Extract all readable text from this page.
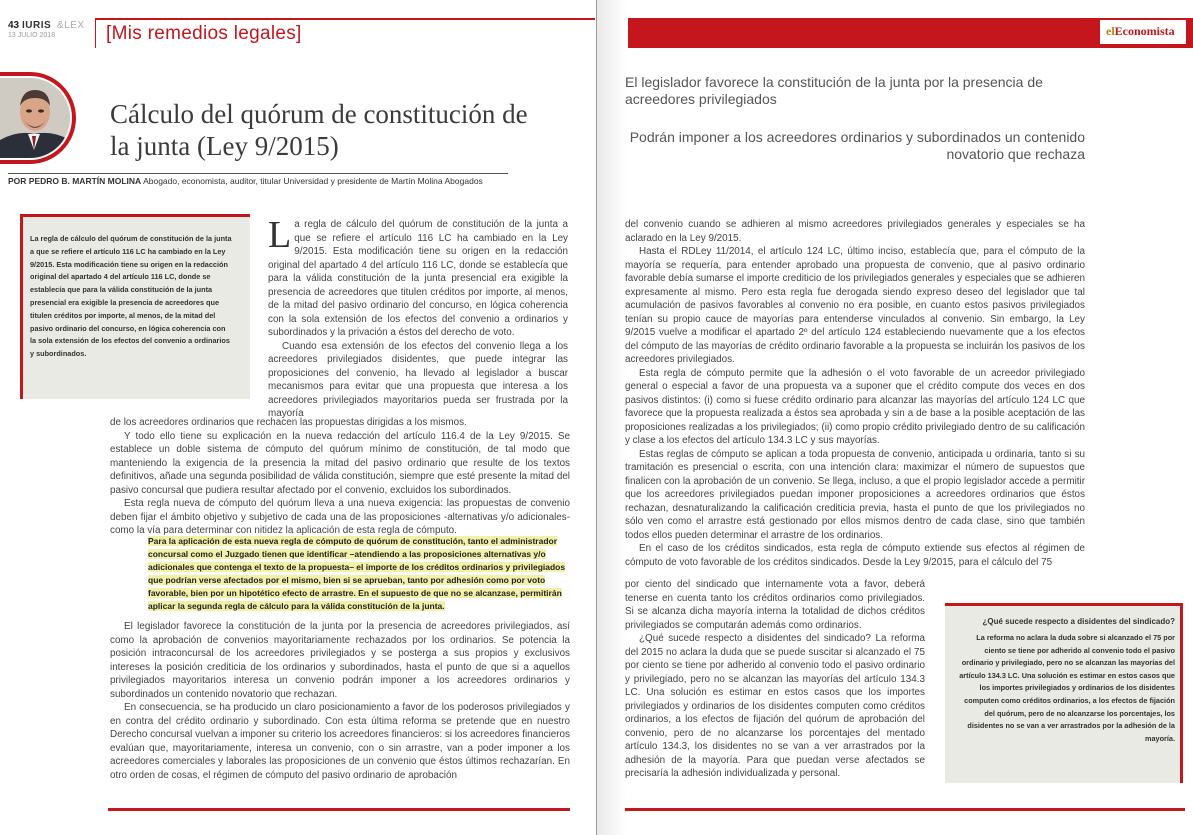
43 IURIS &LEX
13 JULIO 2018	[Mis remedios legales]	elEconomista
Cálculo del quórum de constitución de la junta (Ley 9/2015)
POR PEDRO B. MARTÍN MOLINA Abogado, economista, auditor, titular Universidad y presidente de Martín Molina Abogados
El legislador favorece la constitución de la junta por la presencia de acreedores privilegiados
Podrán imponer a los acreedores ordinarios y subordinados un contenido novatorio que rechaza
La regla de cálculo del quórum de constitución de la junta a que se refiere el artículo 116 LC ha cambiado en la Ley 9/2015. Esta modificación tiene su origen en la redacción original del apartado 4 del artículo 116 LC, donde se establecía que para la válida constitución de la junta presencial era exigible la presencia de acreedores que titulen créditos por importe, al menos, de la mitad del pasivo ordinario del concurso, en lógica coherencia con la sola extensión de los efectos del convenio a ordinarios y subordinados.

La regla de cálculo del quórum de constitución de la junta a que se refiere el artículo 116 LC ha cambiado en la Ley 9/2015. Esta modificación tiene su origen en la redacción original del apartado 4 del artículo 116 LC, donde se establecía que para la válida constitución de la junta presencial era exigible la presencia de acreedores que titulen créditos por importe, al menos, de la mitad del pasivo ordinario del concurso, en lógica coherencia con la sola extensión de los efectos del convenio a ordinarios y subordinados y la privación a éstos del derecho de voto.

Cuando esa extensión de los efectos del convenio llega a los acreedores privilegiados disidentes, que puede integrar las proposiciones del convenio, ha llevado al legislador a buscar mecanismos para evitar que una propuesta que interesa a los acreedores privilegiados mayoritarios pueda ser frustrada por la mayoría

de los acreedores ordinarios que rechacen las propuestas dirigidas a los mismos.

Y todo ello tiene su explicación en la nueva redacción del artículo 116.4 de la Ley 9/2015. Se establece un doble sistema de cómputo del quórum mínimo de constitución, de tal modo que manteniendo la exigencia de la presencia la mitad del pasivo ordinario que resulte de los textos definitivos, añade una segunda posibilidad de válida constitución, siempre que esté presente la mitad del pasivo concursal que pudiera resultar afectado por el convenio, excluidos los subordinados.

Esta regla nueva de cómputo del quórum lleva a una nueva exigencia: las propuestas de convenio deben fijar el ámbito objetivo y subjetivo de cada una de las proposiciones -alternativas y/o adicionales- como la vía para determinar con nitidez la aplicación de esta regla de cómputo.

Para la aplicación de esta nueva regla de cómputo de quórum de constitución, tanto el administrador concursal como el Juzgado tienen que identificar –atendiendo a las proposiciones alternativas y/o adicionales que contenga el texto de la propuesta– el importe de los créditos ordinarios y privilegiados que podrían verse afectados por el mismo, bien si se aprueban, tanto por adhesión como por voto favorable, bien por un hipotético efecto de arrastre. En el supuesto de que no se alcanzase, permitirán aplicar la segunda regla de cálculo para la válida constitución de la junta.

El legislador favorece la constitución de la junta por la presencia de acreedores privilegiados, así como la aprobación de convenios mayoritariamente rechazados por los ordinarios. Se potencia la posición intraconcursal de los acreedores privilegiados y se posterga a sus propios y exclusivos intereses la posición crediticia de los ordinarios y subordinados, hasta el punto de que si a aquellos privilegiados mayoritarios interesa un convenio podrán imponer a los acreedores ordinarios y subordinados un contenido novatorio que rechazan.

En consecuencia, se ha producido un claro posicionamiento a favor de los poderosos privilegiados y en contra del crédito ordinario y subordinado. Con esta última reforma se pretende que en nuestro Derecho concursal vuelvan a imponer su criterio los acreedores financieros: si los acreedores financieros evalúan que, mayoritariamente, interesa un convenio, con o sin arrastre, van a poder imponer a los acreedores comerciales y laborales las proposiciones de un convenio que éstos últimos rechazarían. En otro orden de cosas, el régimen de cómputo del pasivo ordinario de aprobación

del convenio cuando se adhieren al mismo acreedores privilegiados generales y especiales se ha aclarado en la Ley 9/2015.

Hasta el RDLey 11/2014, el artículo 124 LC, último inciso, establecía que, para el cómputo de la mayoría se requería, para entender aprobado una propuesta de convenio, que al pasivo ordinario favorable debía sumarse el importe crediticio de los privilegiados generales y especiales que se adhieren expresamente al mismo. Pero esta regla fue derogada siendo expreso deseo del legislador que tal acumulación de pasivos favorables al convenio no era posible, en cuanto estos pasivos privilegiados tenían su propio cauce de mayorías para entenderse vinculados al convenio. Sin embargo, la Ley 9/2015 vuelve a modificar el apartado 2º del artículo 124 estableciendo nuevamente que a los efectos del cómputo de las mayorías de crédito ordinario favorable a la propuesta se incluirán los pasivos de los acreedores privilegiados.

Esta regla de cómputo permite que la adhesión o el voto favorable de un acreedor privilegiado general o especial a favor de una propuesta va a suponer que el crédito compute dos veces en dos pasivos distintos: (i) como si fuese crédito ordinario para alcanzar las mayorías del artículo 124 LC que favorece que la propuesta realizada a éstos sea aprobada y sin a de base a la posible aceptación de las proposiciones realizadas a los privilegiados; (ii) como propio crédito privilegiado dentro de su calificación y clase a los efectos del artículo 134.3 LC y sus mayorías.

Estas reglas de cómputo se aplican a toda propuesta de convenio, anticipada u ordinaria, tanto si su tramitación es presencial o escrita, con una intención clara: maximizar el número de supuestos que finalicen con la aprobación de un convenio. Se llega, incluso, a que el propio legislador accede a permitir que los acreedores privilegiados puedan imponer proposiciones a acreedores ordinarios que éstos rechazan, desnaturalizando la calificación crediticia previa, hasta el punto de que los privilegiados no sólo ven como el arrastre está gestionado por ellos mismos dentro de cada clase, sino que también todos ellos pueden determinar el arrastre de los ordinarios.

En el caso de los créditos sindicados, esta regla de cómputo extiende sus efectos al régimen de cómputo de voto favorable de los créditos sindicados. Desde la Ley 9/2015, para el cálculo del 75

por ciento del sindicado que internamente vota a favor, deberá tenerse en cuenta tanto los créditos ordinarios como privilegiados. Si se alcanza dicha mayoría interna la totalidad de dichos créditos privilegiados se computarán además como ordinarios.

¿Qué sucede respecto a disidentes del sindicado? La reforma del 2015 no aclara la duda que se puede suscitar si alcanzado el 75 por ciento se tiene por adherido al convenio todo el pasivo ordinario y privilegiado, pero no se alcanzan las mayorías del artículo 134.3 LC. Una solución es estimar en estos casos que los importes privilegiados y ordinarios de los disidentes computen como créditos ordinarios, a los efectos de fijación del quórum de aprobación del convenio, pero de no alcanzarse los porcentajes del mentado artículo 134.3, los disidentes no se van a ver arrastrados por la adhesión de la mayoría. Para que puedan verse afectados se precisaría la adhesión individualizada y personal.

¿Qué sucede respecto a disidentes del sindicado?
La reforma no aclara la duda sobre si alcanzado el 75 por ciento se tiene por adherido al convenio todo el pasivo ordinario y privilegiado, pero no se alcanzan las mayorías del artículo 134.3 LC. Una solución es estimar en estos casos que los importes privilegiados y ordinarios de los disidentes computen como créditos ordinarios, a los efectos de fijación del quórum, pero de no alcanzarse los porcentajes, los disidentes no se van a ver arrastrados por la adhesión de la mayoría.
